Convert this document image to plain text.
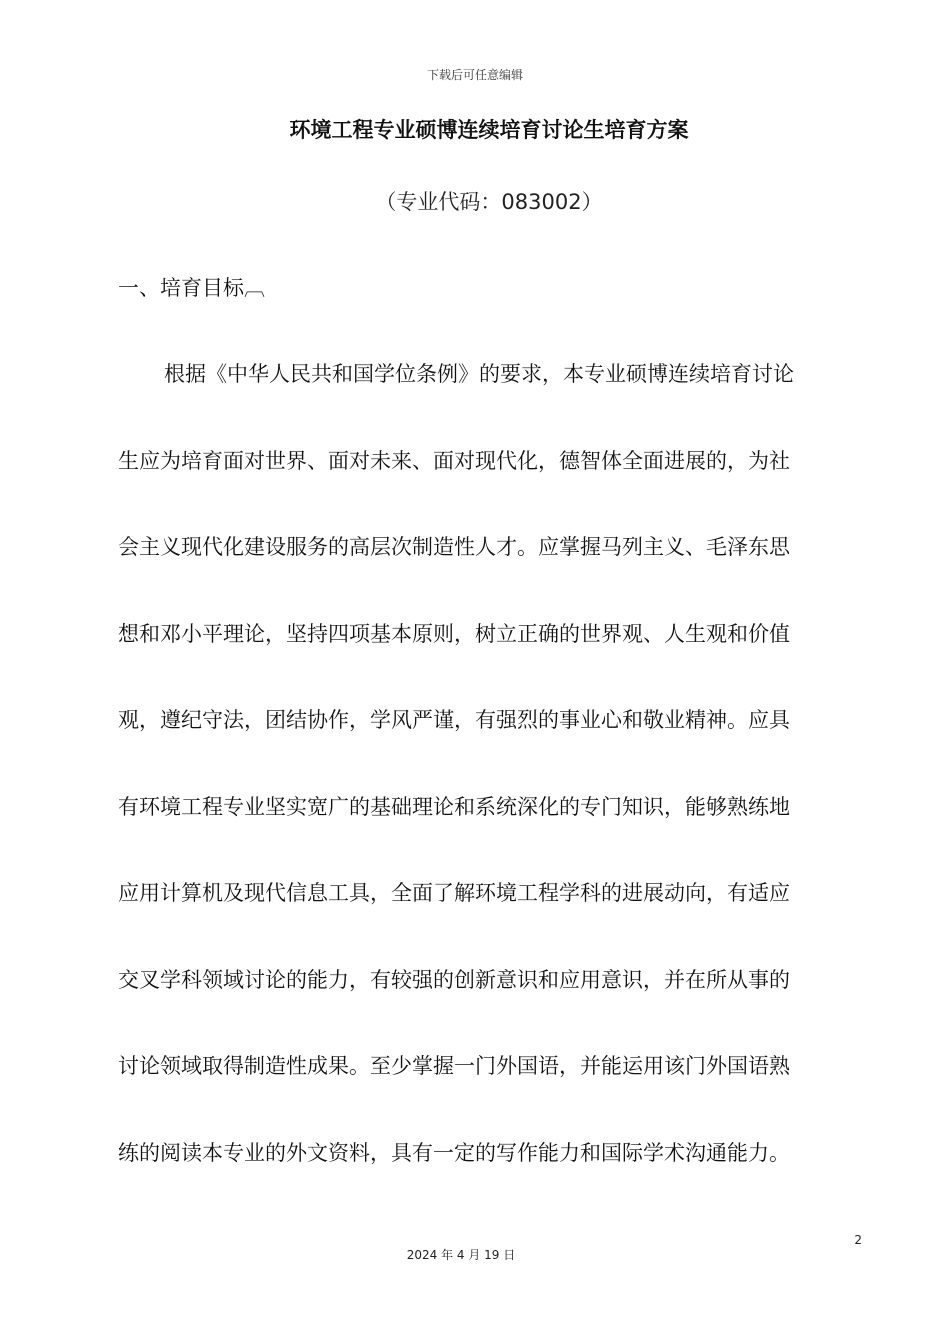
下载后可任意编辑
环境工程专业硕博连续培育讨论生培育方案
（专业代码：083002）
一、培育目标︹
根据《中华人民共和国学位条例》的要求，本专业硕博连续培育讨论
生应为培育面对世界、面对未来、面对现代化，德智体全面进展的，为社
会主义现代化建设服务的高层次制造性人才。应掌握马列主义、毛泽东思
想和邓小平理论，坚持四项基本原则，树立正确的世界观、人生观和价值
观，遵纪守法，团结协作，学风严谨，有强烈的事业心和敬业精神。应具
有环境工程专业坚实宽广的基础理论和系统深化的专门知识，能够熟练地
应用计算机及现代信息工具，全面了解环境工程学科的进展动向，有适应
交叉学科领域讨论的能力，有较强的创新意识和应用意识，并在所从事的
讨论领域取得制造性成果。至少掌握一门外国语，并能运用该门外国语熟
练的阅读本专业的外文资料，具有一定的写作能力和国际学术沟通能力。
2
2024 年 4 月 19 日
